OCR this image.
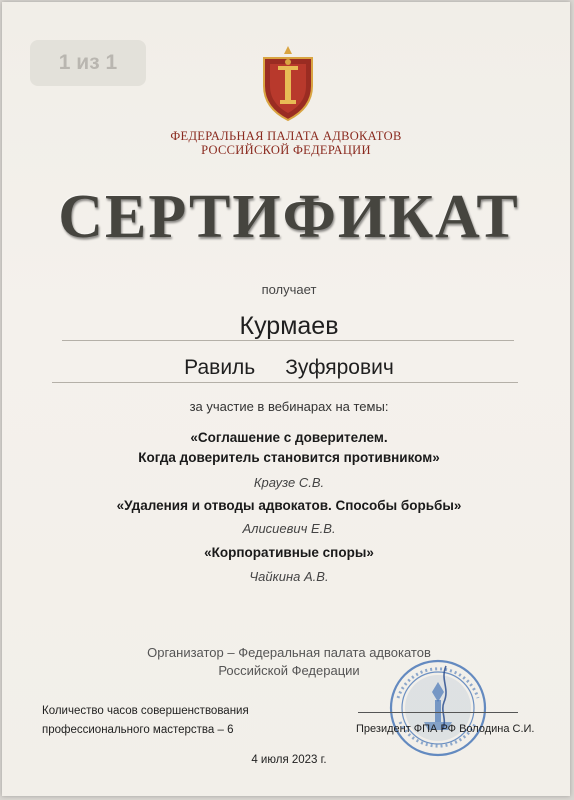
1 из 1
ФЕДЕРАЛЬНАЯ ПАЛАТА АДВОКАТОВ
РОССИЙСКОЙ ФЕДЕРАЦИИ
СЕРТИФИКАТ
получает
Курмаев
Равиль Зуфярович
за участие в вебинарах на темы:
«Соглашение с доверителем.
Когда доверитель становится противником»
Краузе С.В.
«Удаления и отводы адвокатов. Способы борьбы»
Алисиевич Е.В.
«Корпоративные споры»
Чайкина А.В.
Организатор – Федеральная палата адвокатов
Российской Федерации
Количество часов совершенствования
профессионального мастерства – 6	Президент ФПА РФ Володина С.И.
4 июля 2023 г.
